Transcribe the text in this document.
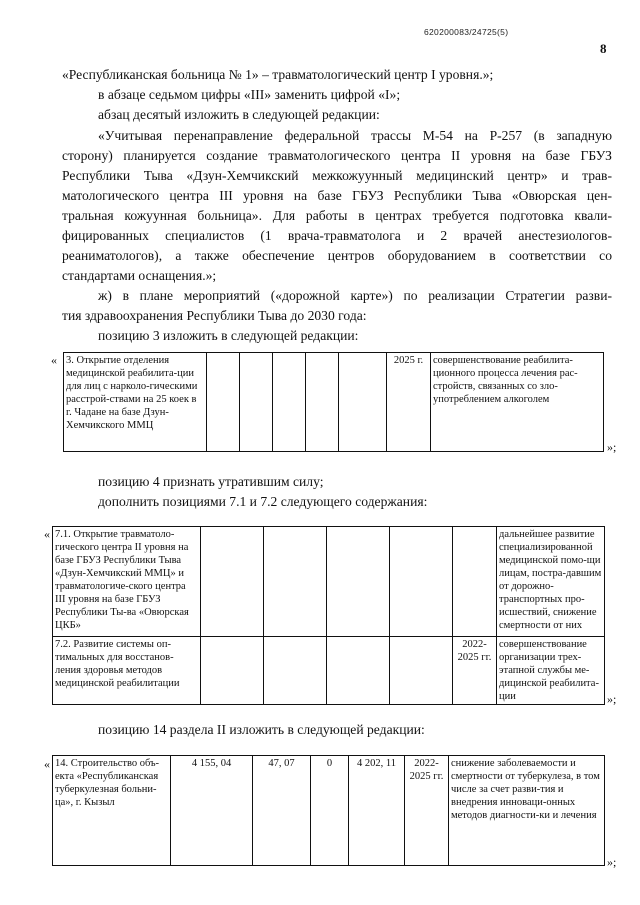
620200083/24725(5)
8
«Республиканская больница № 1» – травматологический центр I уровня.»;
в абзаце седьмом цифры «III» заменить цифрой «I»;
абзац десятый изложить в следующей редакции:
«Учитывая перенаправление федеральной трассы М-54 на Р-257 (в западную
сторону) планируется создание травматологического центра II уровня на базе ГБУЗ
Республики Тыва «Дзун-Хемчикский межкожуунный медицинский центр» и трав-
матологического центра III уровня на базе ГБУЗ Республики Тыва «Овюрская цен-
тральная кожуунная больница». Для работы в центрах требуется подготовка квали-
фицированных специалистов (1 врача-травматолога и 2 врачей анестезиологов-
реаниматологов), а также обеспечение центров оборудованием в соответствии со
стандартами оснащения.»;
ж) в плане мероприятий («дорожной карте») по реализации Стратегии разви-
тия здравоохранения Республики Тыва до 2030 года:
позицию 3 изложить в следующей редакции:
« 3. Открытие отделения медицинской реабилита-ции для лиц с нарколо-гическими расстрой-ствами на 25 коек в г. Чадане на базе Дзун-Хемчикского ММЦ						2025 г.	совершенствование реабилита-ционного процесса лечения рас-стройств, связанных со зло-употреблением алкоголем
»;
позицию 4 признать утратившим силу;
дополнить позициями 7.1 и 7.2 следующего содержания:
« 7.1. Открытие травматоло-гического центра II уровня на базе ГБУЗ Республики Тыва «Дзун-Хемчикский ММЦ» и травматологиче-ского центра III уровня на базе ГБУЗ Республики Ты-ва «Овюрская ЦКБ»						дальнейшее развитие специализированной медицинской помо-щи лицам, постра-давшим от дорожно-транспортных про-исшествий, снижение смертности от них
7.2. Развитие системы оп-тимальных для восстанов-ления здоровья методов медицинской реабилитации					2022-2025 гг.	совершенствование организации трех-этапной службы ме-дицинской реабилита-ции	»;
позицию 14 раздела II изложить в следующей редакции:
« 14. Строительство объ-екта «Республиканская туберкулезная больни-ца», г. Кызыл	4 155, 04	47, 07	0	4 202, 11	2022-2025 гг.	снижение заболеваемости и смертности от туберкулеза, в том числе за счет разви-тия и внедрения инноваци-онных методов диагности-ки и лечения
»;
